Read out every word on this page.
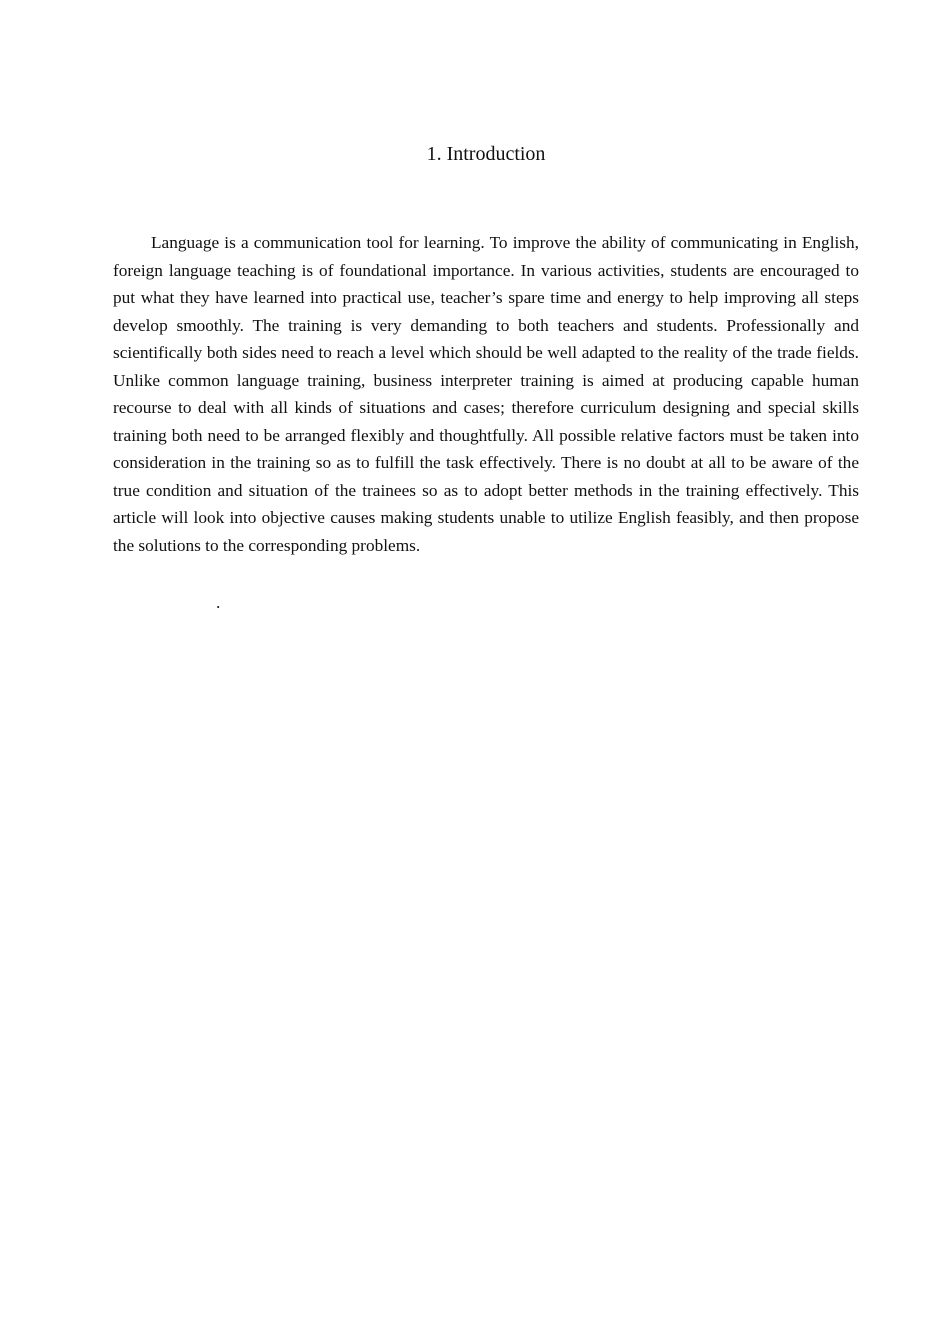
1. Introduction

Language is a communication tool for learning. To improve the ability of communicating in English, foreign language teaching is of foundational importance. In various activities, students are encouraged to put what they have learned into practical use, teacher’s spare time and energy to help improving all steps develop smoothly. The training is very demanding to both teachers and students. Professionally and scientifically both sides need to reach a level which should be well adapted to the reality of the trade fields. Unlike common language training, business interpreter training is aimed at producing capable human recourse to deal with all kinds of situations and cases; therefore curriculum designing and special skills training both need to be arranged flexibly and thoughtfully. All possible relative factors must be taken into consideration in the training so as to fulfill the task effectively. There is no doubt at all to be aware of the true condition and situation of the trainees so as to adopt better methods in the training effectively. This article will look into objective causes making students unable to utilize English feasibly, and then propose the solutions to the corresponding problems.

.
